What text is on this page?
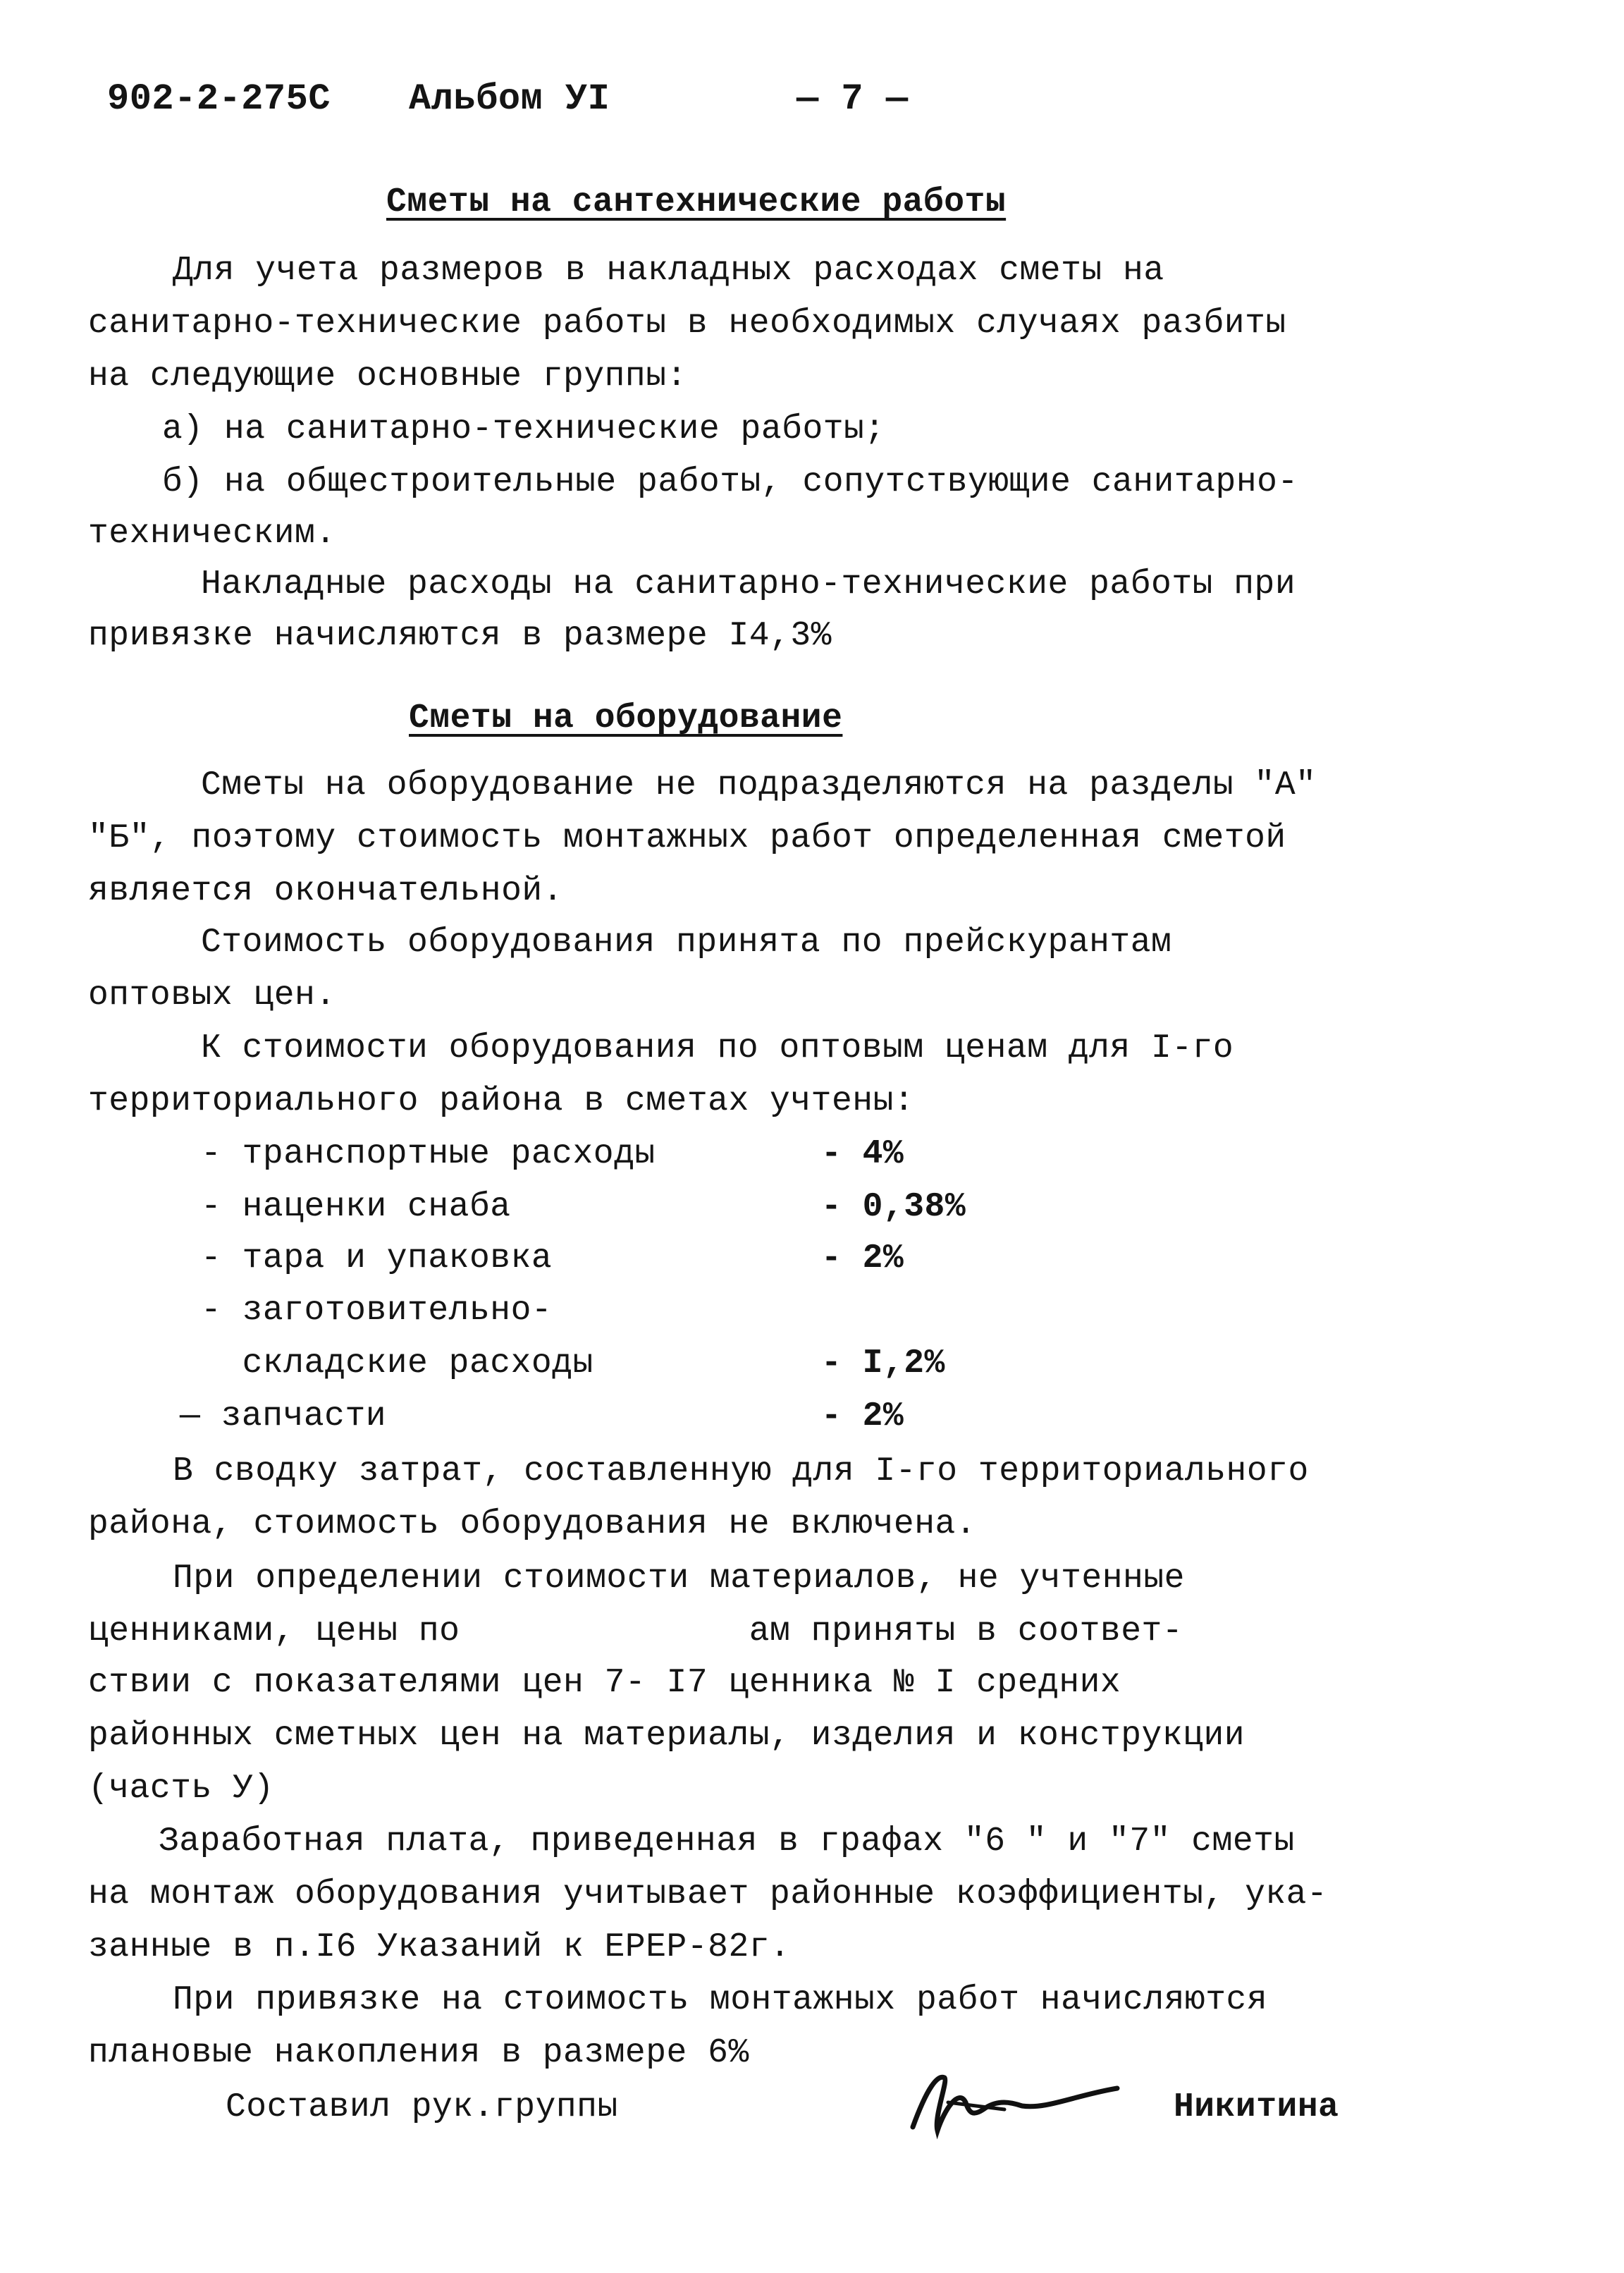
902-2-275С Альбом УI	— 7 —
Сметы на сантехнические работы
Для учета размеров в накладных расходах сметы на
санитарно-технические работы в необходимых случаях разбиты
на следующие основные группы:
а) на санитарно-технические работы;
б) на общестроительные работы, сопутствующие санитарно-
техническим.
Накладные расходы на санитарно-технические работы при
привязке начисляются в размере I4,3%
Сметы на оборудование
Сметы на оборудование не подразделяются на разделы "А"
"Б", поэтому стоимость монтажных работ определенная сметой
является окончательной.
Стоимость оборудования принята по прейскурантам
оптовых цен.
К стоимости оборудования по оптовым ценам для I-го
территориального района в сметах учтены:
- транспортные расходы	- 4%
- наценки снаба	- 0,38%
- тара и упаковка	- 2%
- заготовительно-
складские расходы	- I,2%
— запчасти	- 2%
В сводку затрат, составленную для I-го территориального
района, стоимость оборудования не включена.
При определении стоимости материалов, не учтенные
ценниками, цены по              ам приняты в соответ-
ствии с показателями цен 7- I7 ценника № I средних
районных сметных цен на материалы, изделия и конструкции
(часть У)
Заработная плата, приведенная в графах "6 " и "7" сметы
на монтаж оборудования учитывает районные коэффициенты, ука-
занные в п.I6 Указаний к ЕРЕР-82г.
При привязке на стоимость монтажных работ начисляются
плановые накопления в размере 6%
Составил рук.группы	Никитина
